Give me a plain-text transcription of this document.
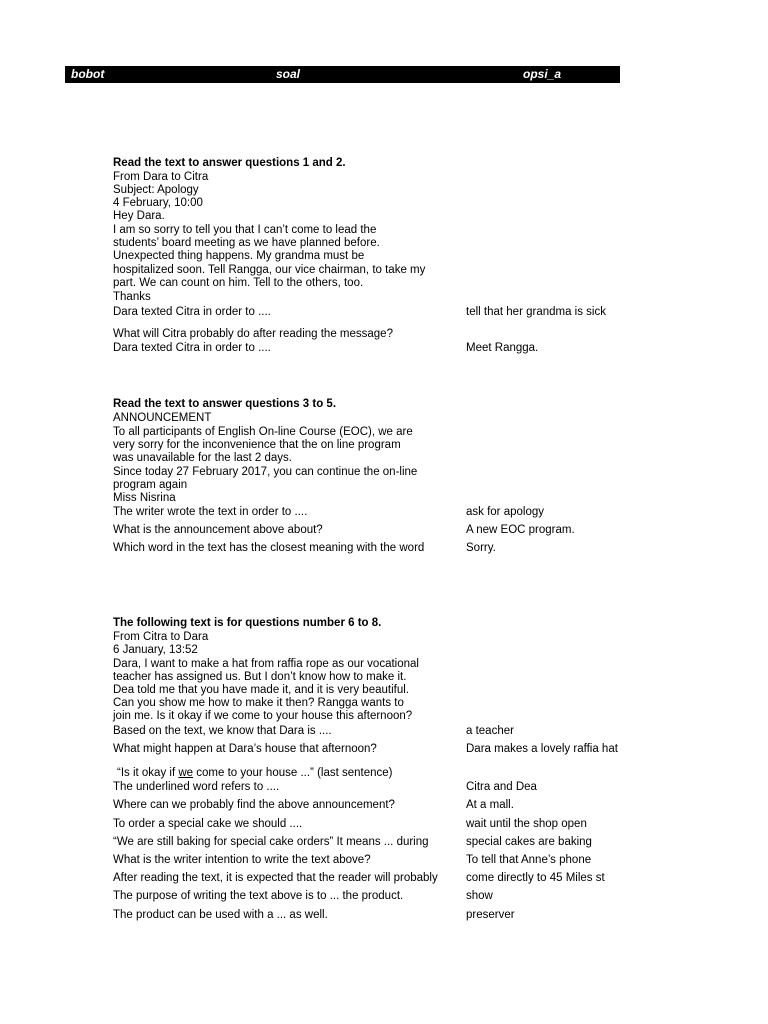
bobot	soal	opsi_a
Read the text to answer questions 1 and 2.
From Dara to Citra
Subject: Apology
4 February, 10:00
Hey Dara.
I am so sorry to tell you that I can’t come to lead the
students’ board meeting as we have planned before.
Unexpected thing happens. My grandma must be
hospitalized soon. Tell Rangga, our vice chairman, to take my
part. We can count on him. Tell to the others, too.
Thanks
Dara texted Citra in order to ....	tell that her grandma is sick
What will Citra probably do after reading the message?
Dara texted Citra in order to ....	Meet Rangga.
Read the text to answer questions 3 to 5.
ANNOUNCEMENT
To all participants of English On-line Course (EOC), we are
very sorry for the inconvenience that the on line program
was unavailable for the last 2 days.
Since today 27 February 2017, you can continue the on-line
program again
Miss Nisrina
The writer wrote the text in order to ....	ask for apology
What is the announcement above about?	A new EOC program.
Which word in the text has the closest meaning with the word	Sorry.
The following text is for questions number 6 to 8.
From Citra to Dara
6 January, 13:52
Dara, I want to make a hat from raffia rope as our vocational
teacher has assigned us. But I don’t know how to make it.
Dea told me that you have made it, and it is very beautiful.
Can you show me how to make it then? Rangga wants to
join me. Is it okay if we come to your house this afternoon?
Based on the text, we know that Dara is ....	a teacher
What might happen at Dara’s house that afternoon?	Dara makes a lovely raffia hat
“Is it okay if we come to your house ...” (last sentence)
The underlined word refers to ....	Citra and Dea
Where can we probably find the above announcement?	At a mall.
To order a special cake we should ....	wait until the shop open
“We are still baking for special cake orders” It means ... during	special cakes are baking
What is the writer intention to write the text above?	To tell that Anne’s phone
After reading the text, it is expected that the reader will probably	come directly to 45 Miles st
The purpose of writing the text above is to ... the product.	show
The product can be used with a ... as well.	preserver
